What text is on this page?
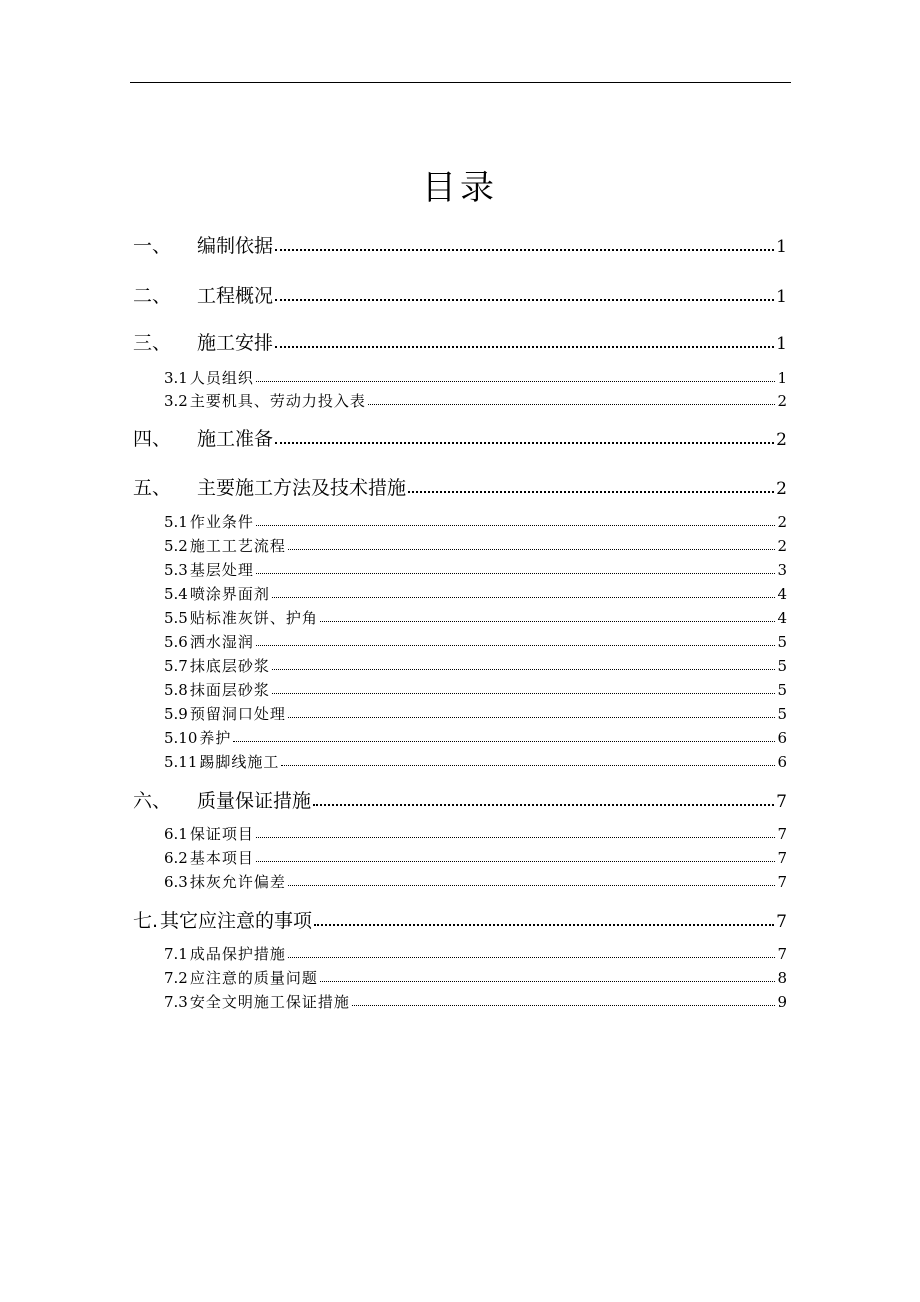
目录
一、	编制依据	1
二、	工程概况	1
三、	施工安排	1
3.1 人员组织	1
3.2 主要机具、劳动力投入表	2
四、	施工准备	2
五、	主要施工方法及技术措施	2
5.1 作业条件	2
5.2 施工工艺流程	2
5.3 基层处理	3
5.4 喷涂界面剂	4
5.5 贴标准灰饼、护角	4
5.6 洒水湿润	5
5.7 抹底层砂浆	5
5.8 抹面层砂浆	5
5.9 预留洞口处理	5
5.10 养护	6
5.11 踢脚线施工	6
六、	质量保证措施	7
6.1 保证项目	7
6.2 基本项目	7
6.3 抹灰允许偏差	7
七. 其它应注意的事项	7
7.1 成品保护措施	7
7.2 应注意的质量问题	8
7.3 安全文明施工保证措施	9
